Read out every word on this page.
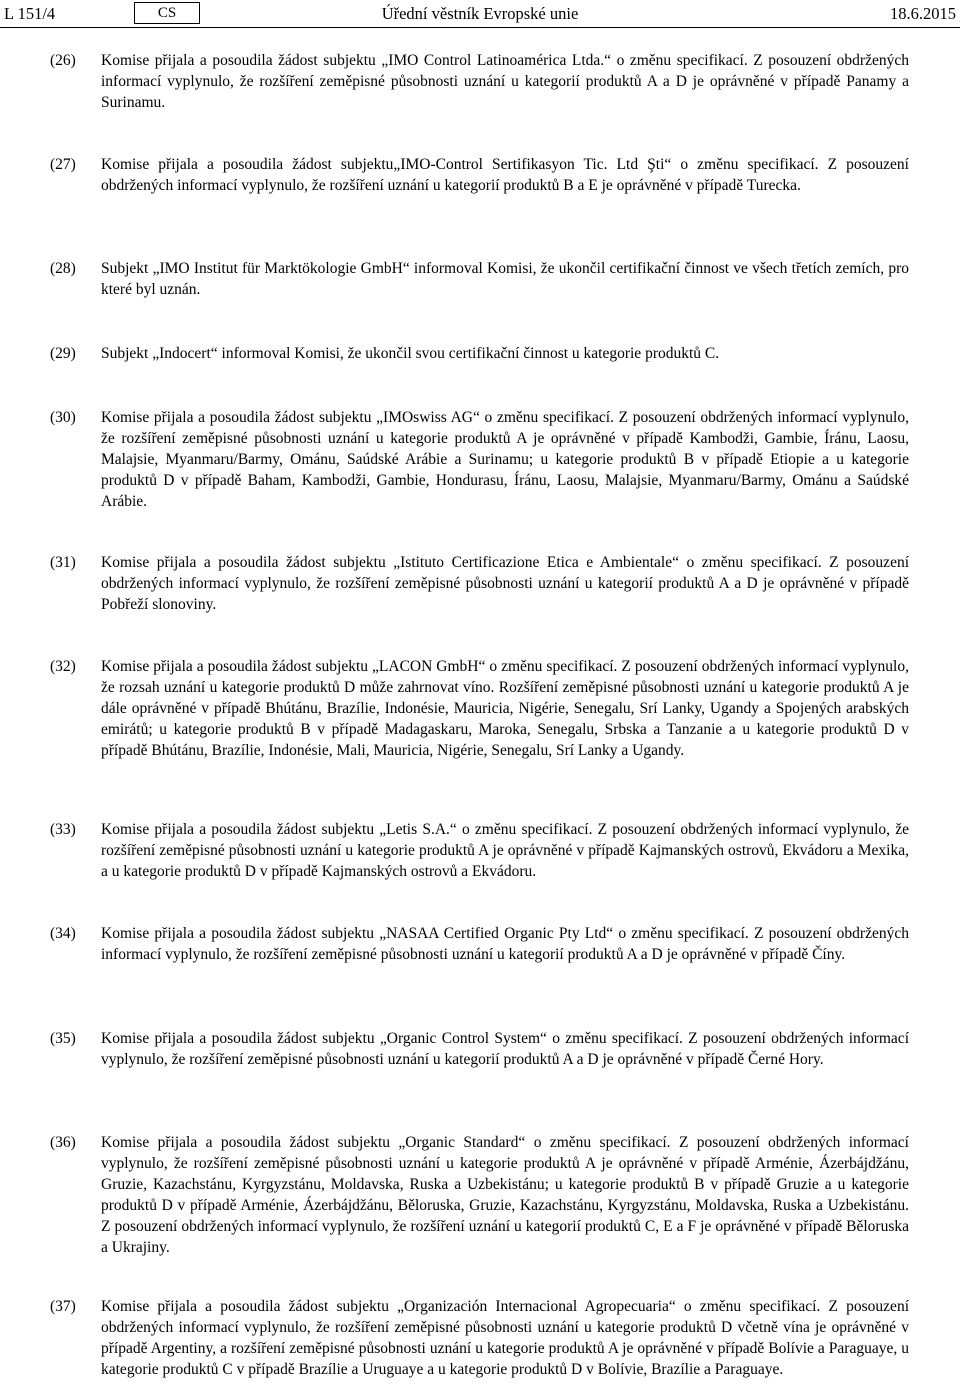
L 151/4	CS	Úřední věstník Evropské unie	18.6.2015
(26) Komise přijala a posoudila žádost subjektu „IMO Control Latinoamérica Ltda.“ o změnu specifikací. Z posouzení obdržených informací vyplynulo, že rozšíření zeměpisné působnosti uznání u kategorií produktů A a D je oprávněné v případě Panamy a Surinamu.

(27) Komise přijala a posoudila žádost subjektu„IMO-Control Sertifikasyon Tic. Ltd Şti“ o změnu specifikací. Z posouzení obdržených informací vyplynulo, že rozšíření uznání u kategorií produktů B a E je oprávněné v případě Turecka.

(28) Subjekt „IMO Institut für Marktökologie GmbH“ informoval Komisi, že ukončil certifikační činnost ve všech třetích zemích, pro které byl uznán.

(29) Subjekt „Indocert“ informoval Komisi, že ukončil svou certifikační činnost u kategorie produktů C.

(30) Komise přijala a posoudila žádost subjektu „IMOswiss AG“ o změnu specifikací. Z posouzení obdržených informací vyplynulo, že rozšíření zeměpisné působnosti uznání u kategorie produktů A je oprávněné v případě Kambodži, Gambie, Íránu, Laosu, Malajsie, Myanmaru/Barmy, Ománu, Saúdské Arábie a Surinamu; u kategorie produktů B v případě Etiopie a u kategorie produktů D v případě Baham, Kambodži, Gambie, Hondurasu, Íránu, Laosu, Malajsie, Myanmaru/Barmy, Ománu a Saúdské Arábie.

(31) Komise přijala a posoudila žádost subjektu „Istituto Certificazione Etica e Ambientale“ o změnu specifikací. Z posouzení obdržených informací vyplynulo, že rozšíření zeměpisné působnosti uznání u kategorií produktů A a D je oprávněné v případě Pobřeží slonoviny.

(32) Komise přijala a posoudila žádost subjektu „LACON GmbH“ o změnu specifikací. Z posouzení obdržených informací vyplynulo, že rozsah uznání u kategorie produktů D může zahrnovat víno. Rozšíření zeměpisné působnosti uznání u kategorie produktů A je dále oprávněné v případě Bhútánu, Brazílie, Indonésie, Mauricia, Nigérie, Senegalu, Srí Lanky, Ugandy a Spojených arabských emirátů; u kategorie produktů B v případě Madagaskaru, Maroka, Senegalu, Srbska a Tanzanie a u kategorie produktů D v případě Bhútánu, Brazílie, Indonésie, Mali, Mauricia, Nigérie, Senegalu, Srí Lanky a Ugandy.

(33) Komise přijala a posoudila žádost subjektu „Letis S.A.“ o změnu specifikací. Z posouzení obdržených informací vyplynulo, že rozšíření zeměpisné působnosti uznání u kategorie produktů A je oprávněné v případě Kajmanských ostrovů, Ekvádoru a Mexika, a u kategorie produktů D v případě Kajmanských ostrovů a Ekvádoru.

(34) Komise přijala a posoudila žádost subjektu „NASAA Certified Organic Pty Ltd“ o změnu specifikací. Z posouzení obdržených informací vyplynulo, že rozšíření zeměpisné působnosti uznání u kategorií produktů A a D je oprávněné v případě Číny.

(35) Komise přijala a posoudila žádost subjektu „Organic Control System“ o změnu specifikací. Z posouzení obdržených informací vyplynulo, že rozšíření zeměpisné působnosti uznání u kategorií produktů A a D je oprávněné v případě Černé Hory.

(36) Komise přijala a posoudila žádost subjektu „Organic Standard“ o změnu specifikací. Z posouzení obdržených informací vyplynulo, že rozšíření zeměpisné působnosti uznání u kategorie produktů A je oprávněné v případě Arménie, Ázerbájdžánu, Gruzie, Kazachstánu, Kyrgyzstánu, Moldavska, Ruska a Uzbekistánu; u kategorie produktů B v případě Gruzie a u kategorie produktů D v případě Arménie, Ázerbájdžánu, Běloruska, Gruzie, Kazachstánu, Kyrgyzstánu, Moldavska, Ruska a Uzbekistánu. Z posouzení obdržených informací vyplynulo, že rozšíření uznání u kategorií produktů C, E a F je oprávněné v případě Běloruska a Ukrajiny.

(37) Komise přijala a posoudila žádost subjektu „Organización Internacional Agropecuaria“ o změnu specifikací. Z posouzení obdržených informací vyplynulo, že rozšíření zeměpisné působnosti uznání u kategorie produktů D včetně vína je oprávněné v případě Argentiny, a rozšíření zeměpisné působnosti uznání u kategorie produktů A je oprávněné v případě Bolívie a Paraguaye, u kategorie produktů C v případě Brazílie a Uruguaye a u kategorie produktů D v Bolívie, Brazílie a Paraguaye.
